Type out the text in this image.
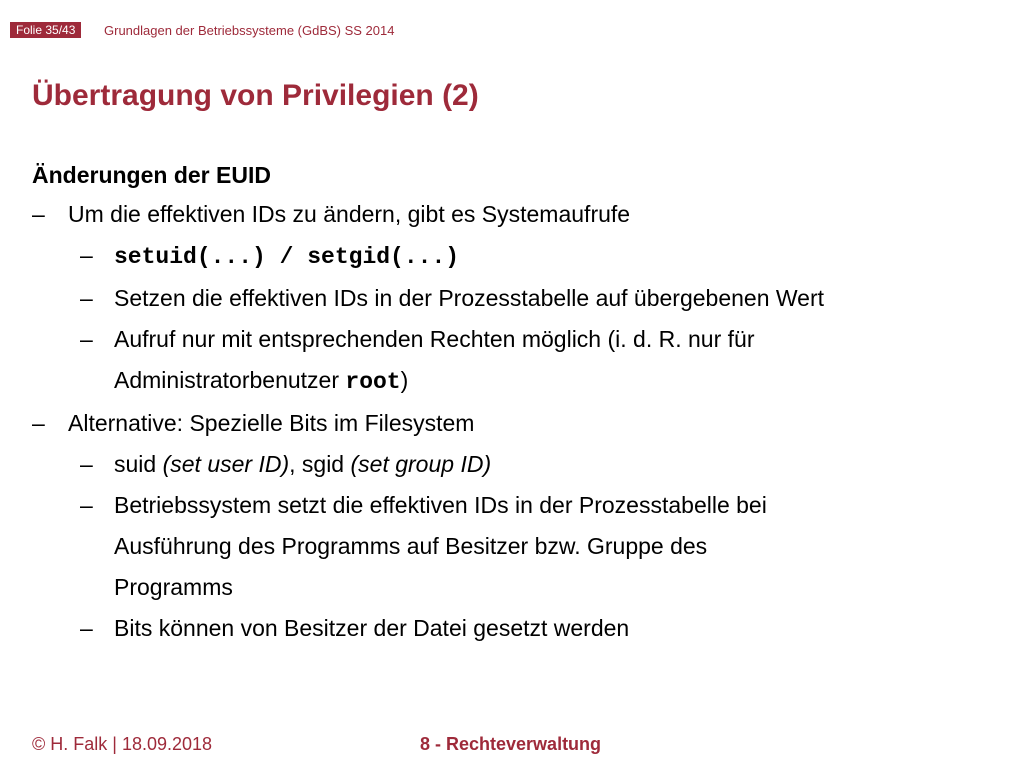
Folie 35/43	Grundlagen der Betriebssysteme (GdBS) SS 2014
Übertragung von Privilegien (2)
Änderungen der EUID
– Um die effektiven IDs zu ändern, gibt es Systemaufrufe
– setuid(...) / setgid(...)
– Setzen die effektiven IDs in der Prozesstabelle auf übergebenen Wert
– Aufruf nur mit entsprechenden Rechten möglich (i. d. R. nur für
Administratorbenutzer root)
– Alternative: Spezielle Bits im Filesystem
– suid (set user ID), sgid (set group ID)
– Betriebssystem setzt die effektiven IDs in der Prozesstabelle bei
Ausführung des Programms auf Besitzer bzw. Gruppe des
Programms
– Bits können von Besitzer der Datei gesetzt werden
© H. Falk | 18.09.2018	8 - Rechteverwaltung
